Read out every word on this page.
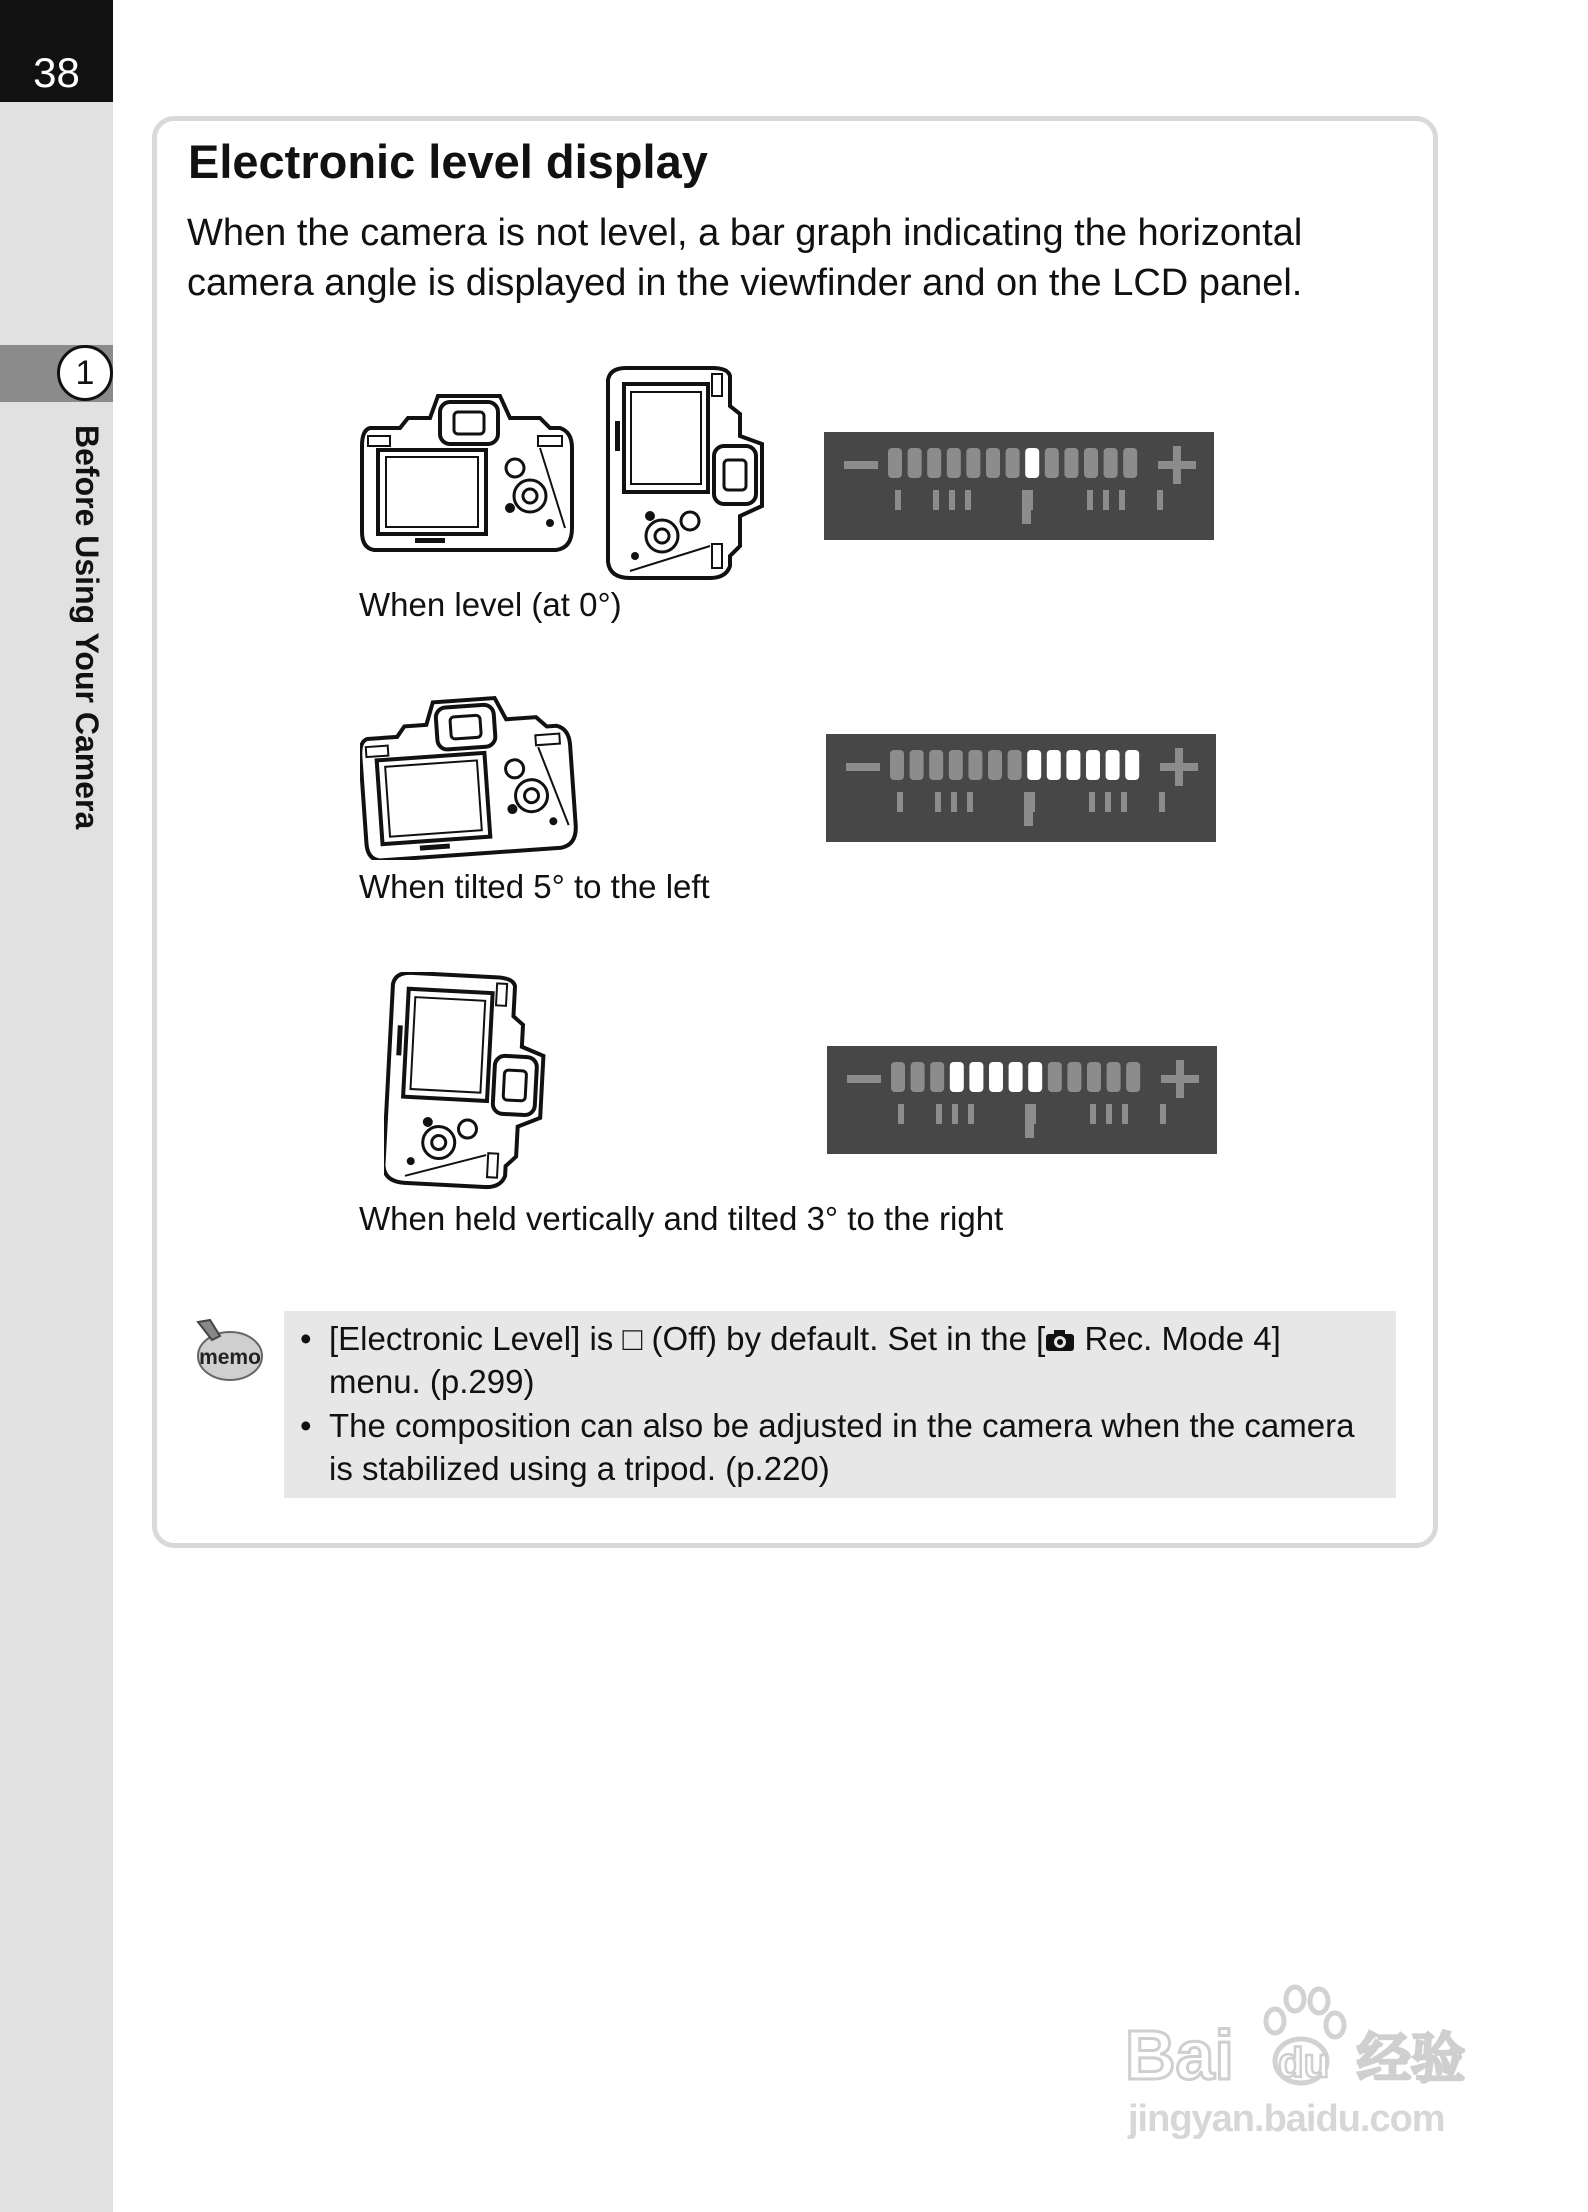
38
1
Before Using Your Camera
Electronic level display
When the camera is not level, a bar graph indicating the horizontal camera angle is displayed in the viewfinder and on the LCD panel.
When level (at 0°)
When tilted 5° to the left
When held vertically and tilted 3° to the right
memo
• [Electronic Level] is □ (Off) by default. Set in the [ Rec. Mode 4]
menu. (p.299)
• The composition can also be adjusted in the camera when the camera
is stabilized using a tripod. (p.220)
Bai du 经验
jingyan.baidu.com
